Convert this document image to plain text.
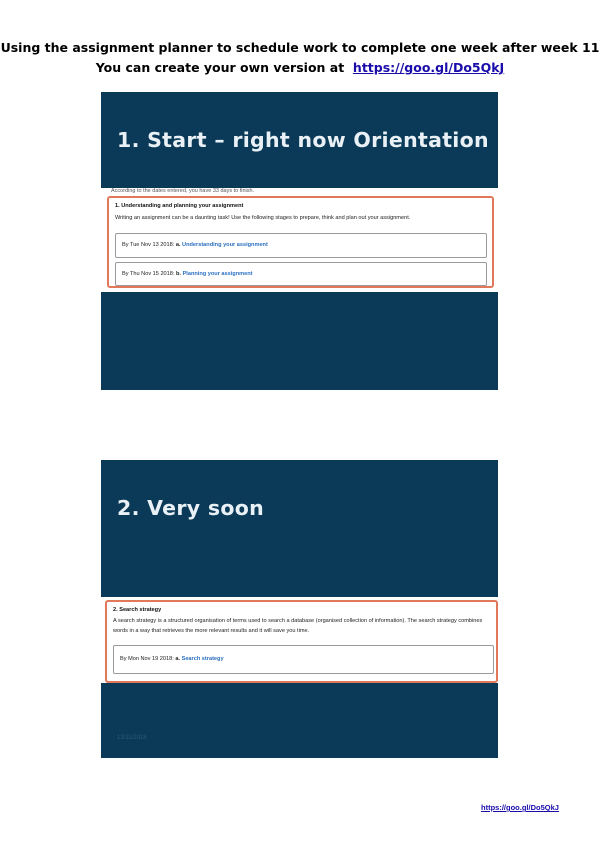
Using the assignment planner to schedule work to complete one week after week 11
You can create your own version at https://goo.gl/Do5QkJ
1. Start – right now Orientation
According to the dates entered, you have 33 days to finish.
1. Understanding and planning your assignment
Writing an assignment can be a daunting task! Use the following stages to prepare, think and plan out your assignment.
By Tue Nov 13 2018: a. Understanding your assignment
By Thu Nov 15 2018: b. Planning your assignment
2. Very soon
2. Search strategy
A search strategy is a structured organisation of terms used to search a database (organised collection of information). The search strategy combines words in a way that retrieves the more relevant results and it will save you time.
By Mon Nov 19 2018: a. Search strategy
13/11/2018
https://goo.gl/Do5QkJ
